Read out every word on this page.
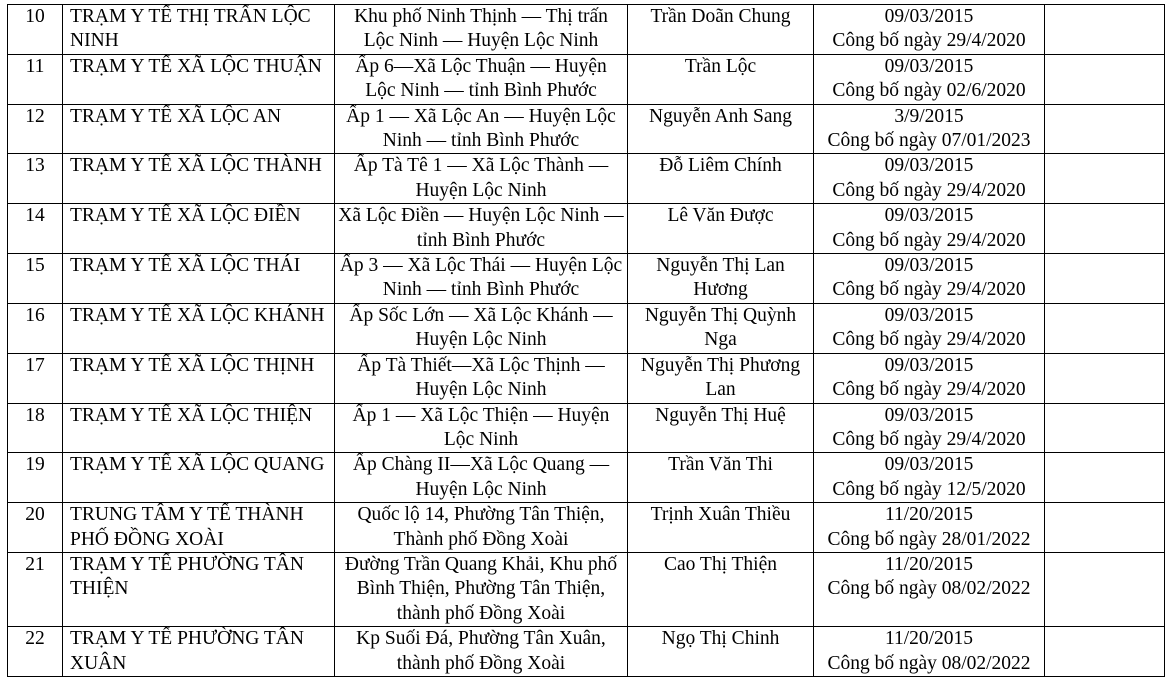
10	TRẠM Y TẾ THỊ TRẤN LỘC NINH	Khu phố Ninh Thịnh — Thị trấn Lộc Ninh — Huyện Lộc Ninh	Trần Doãn Chung	09/03/2015
Công bố ngày 29/4/2020	

11	TRẠM Y TẾ XÃ LỘC THUẬN	Ấp 6—Xã Lộc Thuận — Huyện Lộc Ninh — tỉnh Bình Phước	Trần Lộc	09/03/2015
Công bố ngày 02/6/2020	

12	TRẠM Y TẾ XÃ LỘC AN	Ấp 1 — Xã Lộc An — Huyện Lộc Ninh — tỉnh Bình Phước	Nguyễn Anh Sang	3/9/2015
Công bố ngày 07/01/2023	

13	TRẠM Y TẾ XÃ LỘC THÀNH	Ấp Tà Tê 1 — Xã Lộc Thành — Huyện Lộc Ninh	Đỗ Liêm Chính	09/03/2015
Công bố ngày 29/4/2020	

14	TRẠM Y TẾ XÃ LỘC ĐIỀN	Xã Lộc Điền — Huyện Lộc Ninh — tỉnh Bình Phước	Lê Văn Được	09/03/2015
Công bố ngày 29/4/2020	

15	TRẠM Y TẾ XÃ LỘC THÁI	Ấp 3 — Xã Lộc Thái — Huyện Lộc Ninh — tỉnh Bình Phước	Nguyễn Thị Lan Hương	09/03/2015
Công bố ngày 29/4/2020	

16	TRẠM Y TẾ XÃ LỘC KHÁNH	Ấp Sốc Lớn — Xã Lộc Khánh — Huyện Lộc Ninh	Nguyễn Thị Quỳnh Nga	09/03/2015
Công bố ngày 29/4/2020	

17	TRẠM Y TẾ XÃ LỘC THỊNH	Ấp Tà Thiết—Xã Lộc Thịnh — Huyện Lộc Ninh	Nguyễn Thị Phương Lan	09/03/2015
Công bố ngày 29/4/2020	

18	TRẠM Y TẾ XÃ LỘC THIỆN	Ấp 1 — Xã Lộc Thiện — Huyện Lộc Ninh	Nguyễn Thị Huệ	09/03/2015
Công bố ngày 29/4/2020	

19	TRẠM Y TẾ XÃ LỘC QUANG	Ấp Chàng II—Xã Lộc Quang — Huyện Lộc Ninh	Trần Văn Thi	09/03/2015
Công bố ngày 12/5/2020	

20	TRUNG TÂM Y TẾ THÀNH PHỐ ĐỒNG XOÀI	Quốc lộ 14, Phường Tân Thiện, Thành phố Đồng Xoài	Trịnh Xuân Thiều	11/20/2015
Công bố ngày 28/01/2022	

21	TRẠM Y TẾ PHƯỜNG TÂN THIỆN	Đường Trần Quang Khải, Khu phố Bình Thiện, Phường Tân Thiện, thành phố Đồng Xoài	Cao Thị Thiện	11/20/2015
Công bố ngày 08/02/2022	

22	TRẠM Y TẾ PHƯỜNG TÂN XUÂN	Kp Suối Đá, Phường Tân Xuân, thành phố Đồng Xoài	Ngọ Thị Chinh	11/20/2015
Công bố ngày 08/02/2022	
